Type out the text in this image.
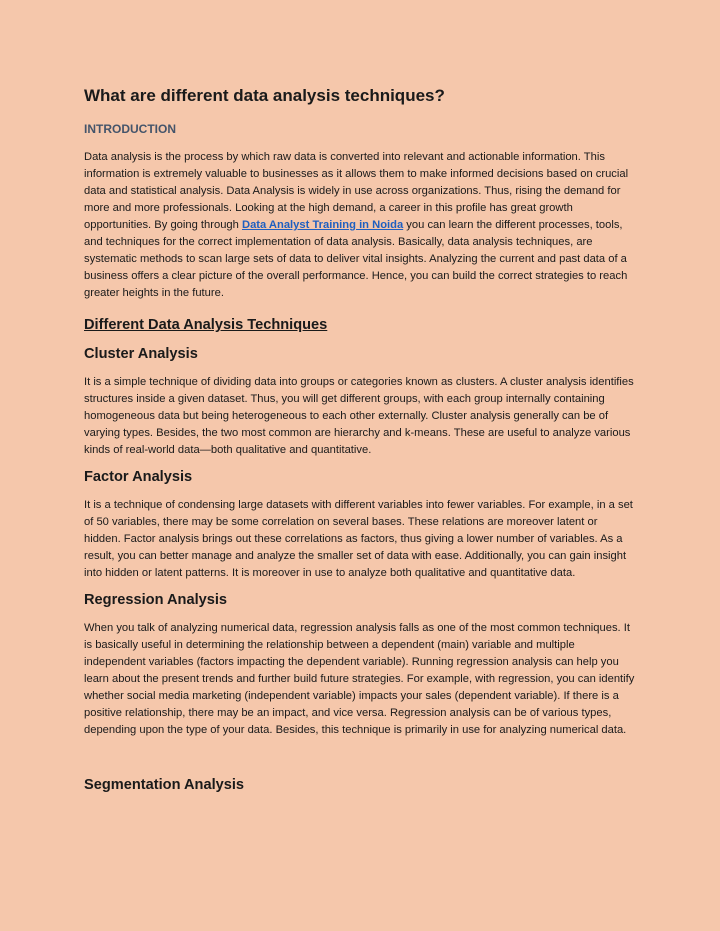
What are different data analysis techniques?
INTRODUCTION

Data analysis is the process by which raw data is converted into relevant and actionable information. This information is extremely valuable to businesses as it allows them to make informed decisions based on crucial data and statistical analysis. Data Analysis is widely in use across organizations. Thus, rising the demand for more and more professionals. Looking at the high demand, a career in this profile has great growth opportunities. By going through Data Analyst Training in Noida you can learn the different processes, tools, and techniques for the correct implementation of data analysis. Basically, data analysis techniques, are systematic methods to scan large sets of data to deliver vital insights. Analyzing the current and past data of a business offers a clear picture of the overall performance. Hence, you can build the correct strategies to reach greater heights in the future.

Different Data Analysis Techniques
Cluster Analysis

It is a simple technique of dividing data into groups or categories known as clusters. A cluster analysis identifies structures inside a given dataset. Thus, you will get different groups, with each group internally containing homogeneous data but being heterogeneous to each other externally. Cluster analysis generally can be of varying types. Besides, the two most common are hierarchy and k-means. These are useful to analyze various kinds of real-world data—both qualitative and quantitative.

Factor Analysis

It is a technique of condensing large datasets with different variables into fewer variables. For example, in a set of 50 variables, there may be some correlation on several bases. These relations are moreover latent or hidden. Factor analysis brings out these correlations as factors, thus giving a lower number of variables. As a result, you can better manage and analyze the smaller set of data with ease. Additionally, you can gain insight into hidden or latent patterns. It is moreover in use to analyze both qualitative and quantitative data.

Regression Analysis

When you talk of analyzing numerical data, regression analysis falls as one of the most common techniques. It is basically useful in determining the relationship between a dependent (main) variable and multiple independent variables (factors impacting the dependent variable). Running regression analysis can help you learn about the present trends and further build future strategies. For example, with regression, you can identify whether social media marketing (independent variable) impacts your sales (dependent variable). If there is a positive relationship, there may be an impact, and vice versa. Regression analysis can be of various types, depending upon the type of your data. Besides, this technique is primarily in use for analyzing numerical data.

Segmentation Analysis
